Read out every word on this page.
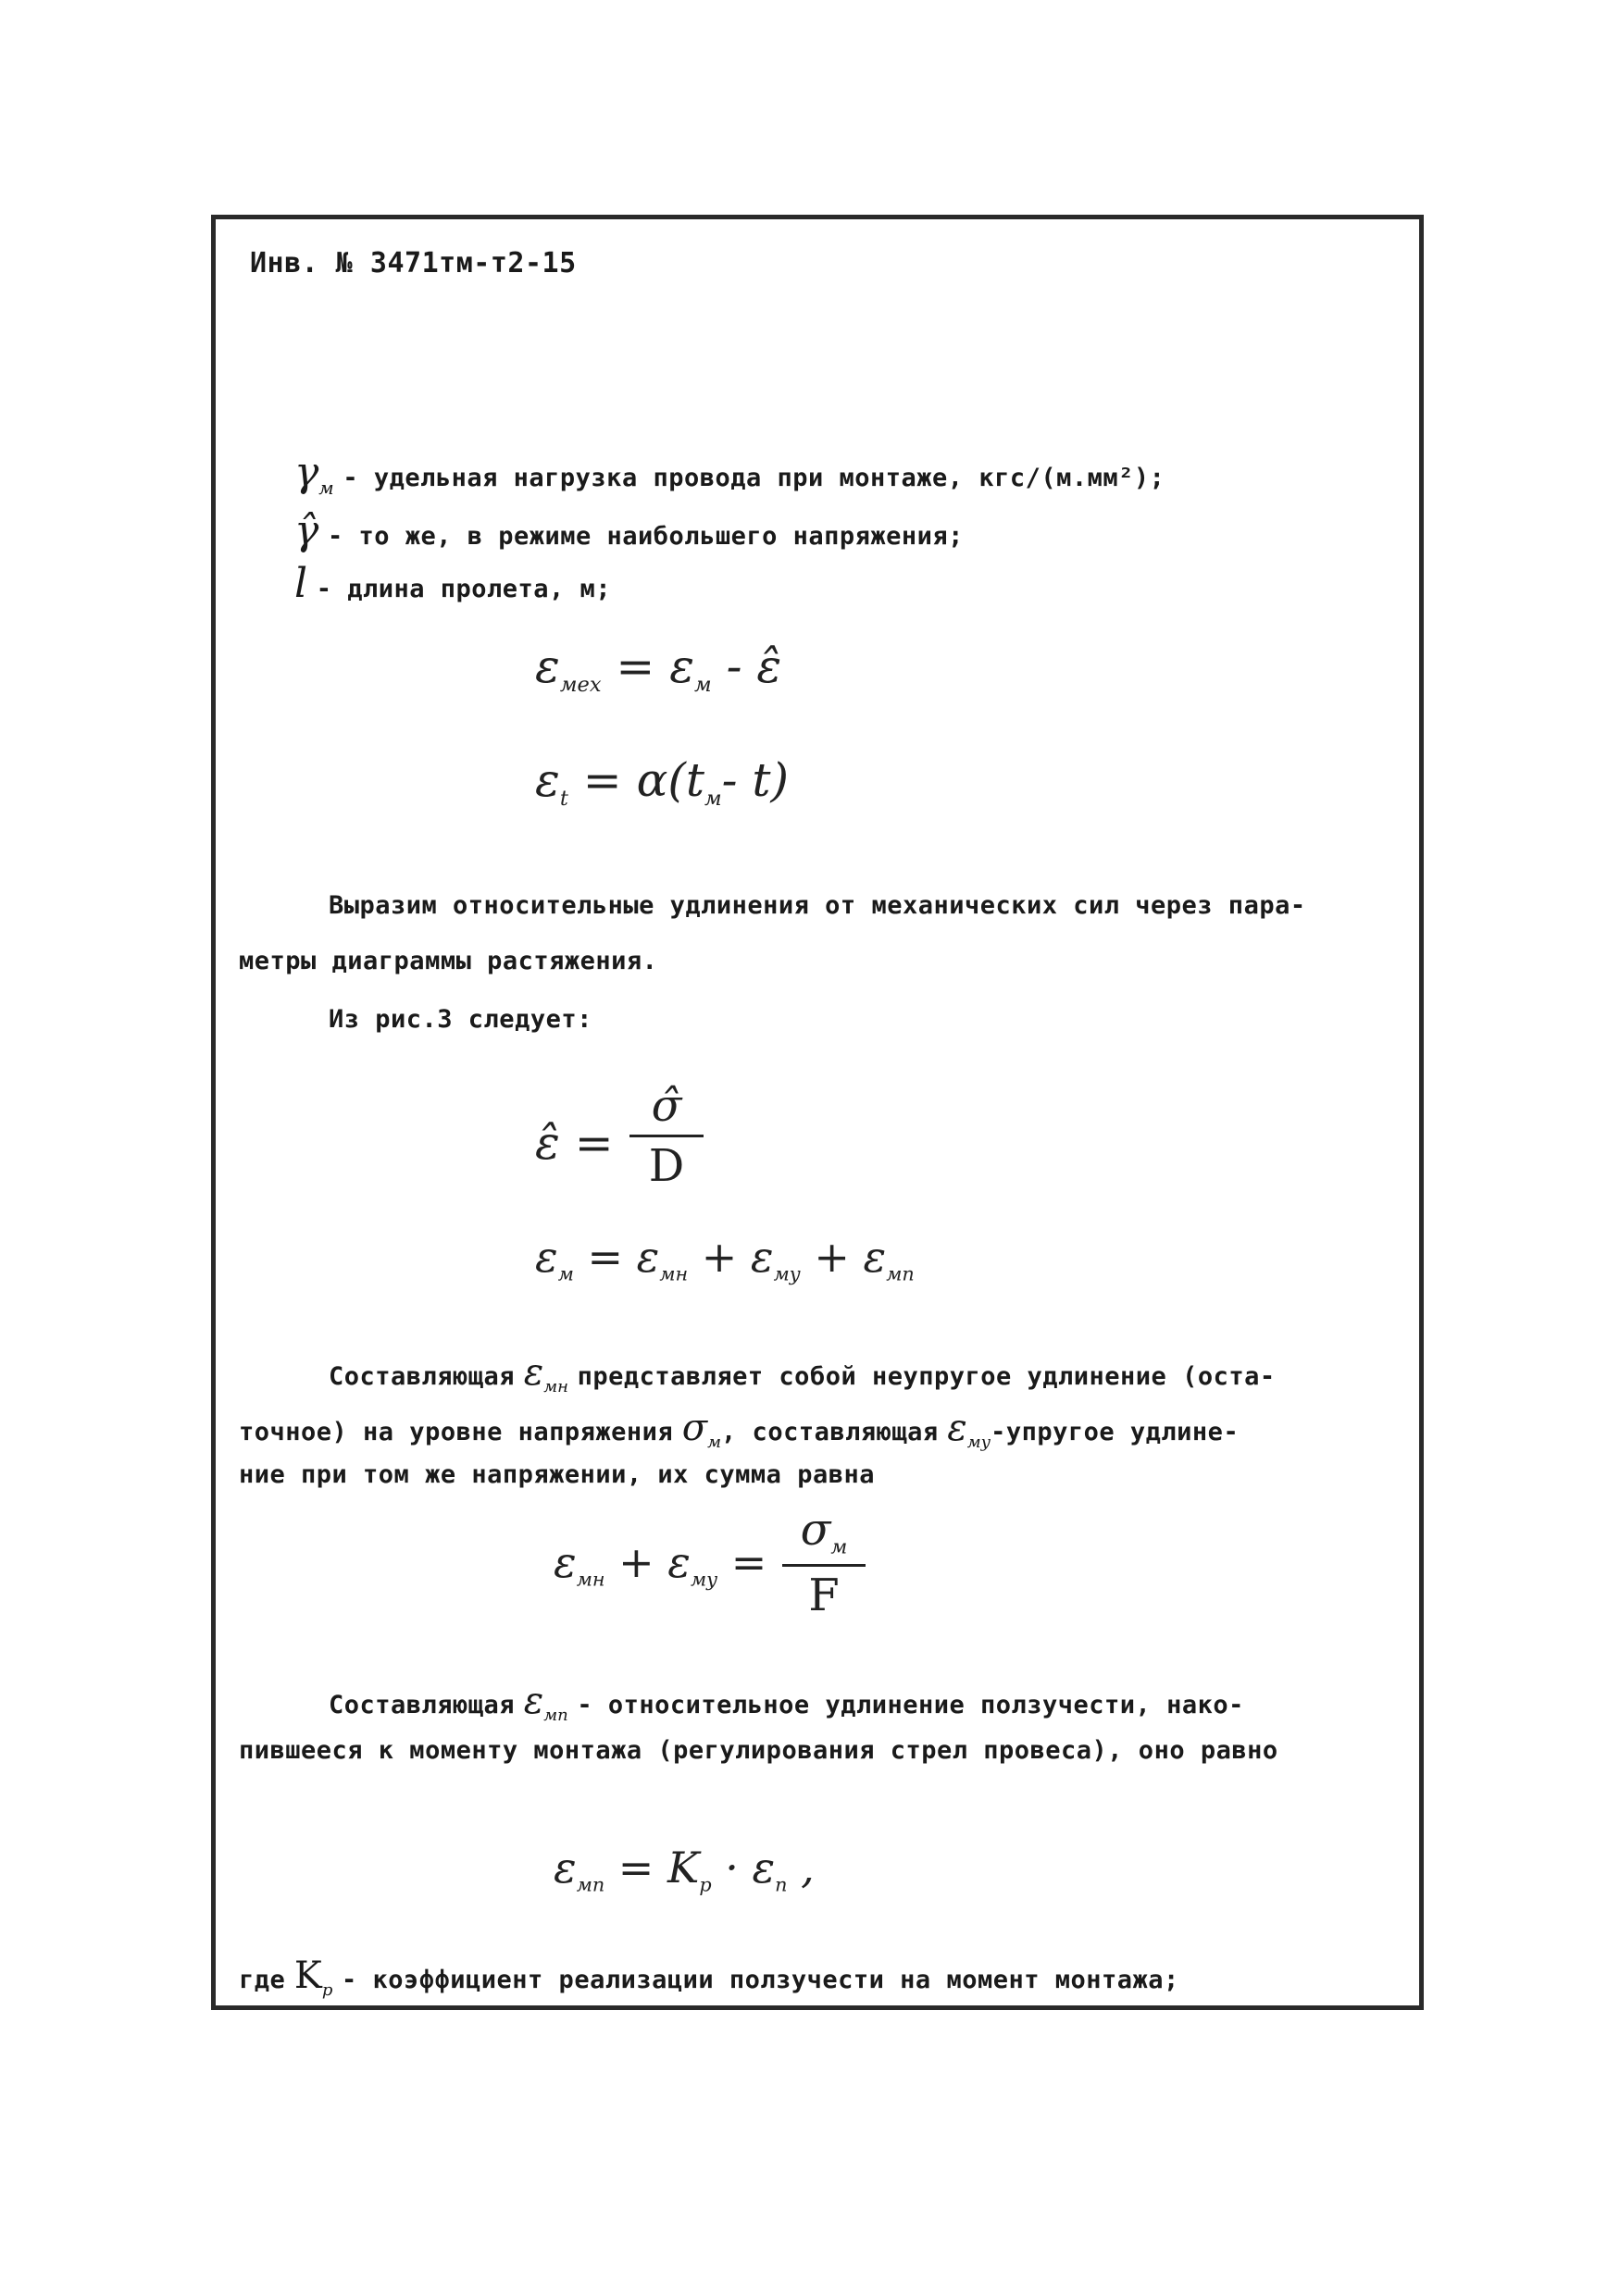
Инв. № 3471тм-т2-15
$\gamma_м$ - удельная нагрузка провода при монтаже, кгс/(м.мм²);
γ - то же, в режиме наибольшего напряжения;
l - длина пролета, м;
$\varepsilon_{мех} = \varepsilon_м$ - ε̂
$\varepsilon_t = \alpha(t_м-$ t)
Выразим относительные удлинения от механических сил через пара-
метры диаграммы растяжения.
Из рис.3 следует:
ε̂ =
σ̂
D
$\varepsilon_м = \varepsilon_{мн} + \varepsilon_{му} + \varepsilon_{мп}$
Составляющая $\varepsilon_{мн}$ представляет собой неупругое удлинение (оста-
точное) на уровне напряжения $\sigma_м$, составляющая $\varepsilon_{му}$-упругое удлине-
ние при том же напряжении, их сумма равна
$\varepsilon_{мн} + \varepsilon_{му}$ =
$\sigma_м$
F
Составляющая $\varepsilon_{мп}$ - относительное удлинение ползучести, нако-
пившееся к моменту монтажа (регулирования стрел провеса), оно равно
$\varepsilon_{мп} = K_р \cdot \varepsilon_п$ ,
где $K_р$ - коэффициент реализации ползучести на момент монтажа;
